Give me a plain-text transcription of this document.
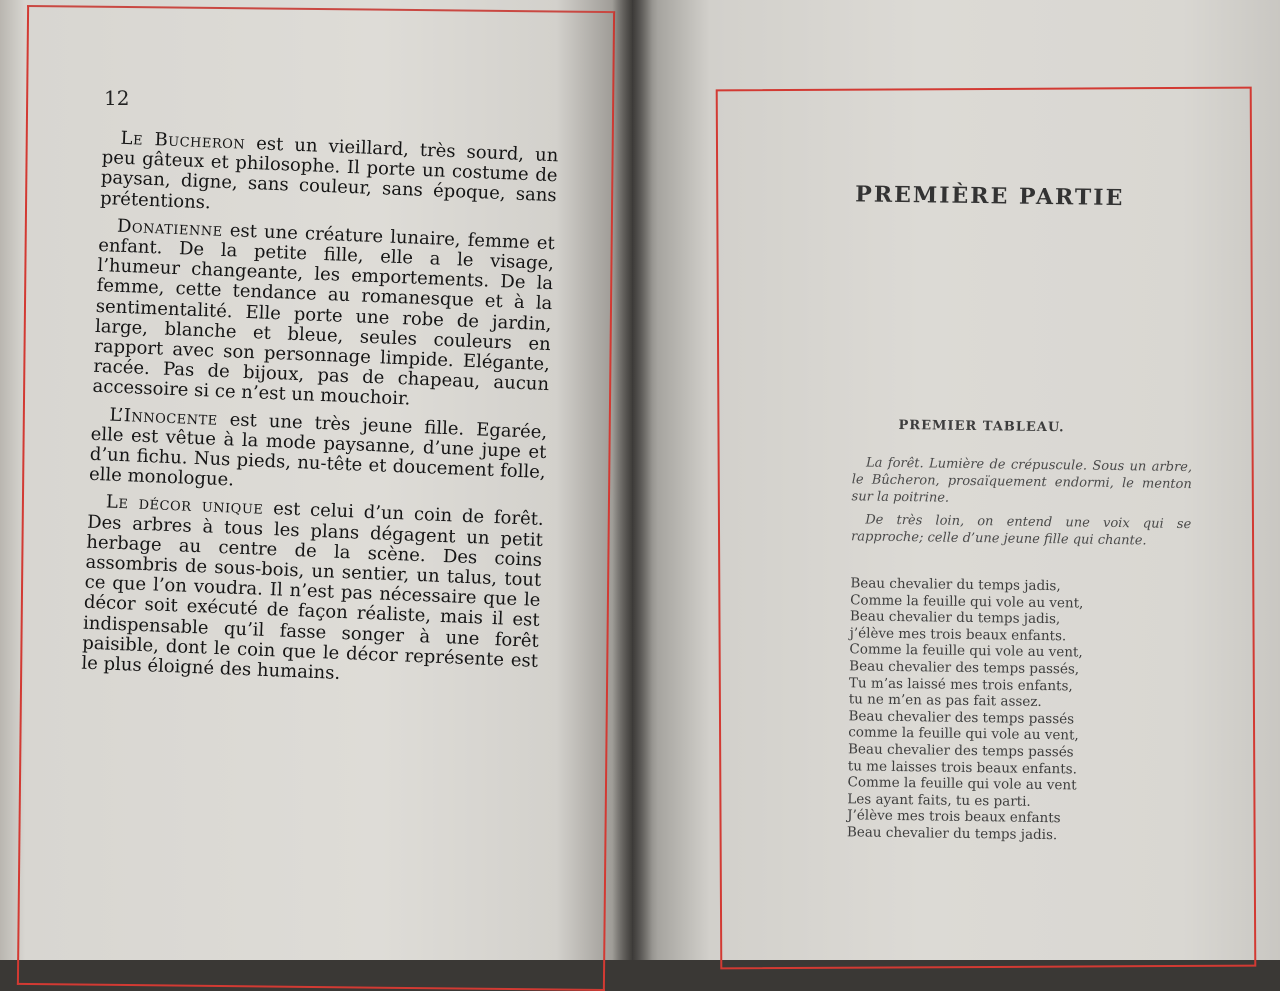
12

Le Bucheron est un vieillard, très sourd, un peu gâteux et philosophe. Il porte un costume de paysan, digne, sans couleur, sans époque, sans prétentions.

Donatienne est une créature lunaire, femme et enfant. De la petite fille, elle a le visage, l’humeur changeante, les emportements. De la femme, cette tendance au romanesque et à la sentimentalité. Elle porte une robe de jardin, large, blanche et bleue, seules couleurs en rapport avec son personnage limpide. Elégante, racée. Pas de bijoux, pas de chapeau, aucun accessoire si ce n’est un mouchoir.

L’Innocente est une très jeune fille. Egarée, elle est vêtue à la mode paysanne, d’une jupe et d’un fichu. Nus pieds, nu-tête et doucement folle, elle monologue.

Le décor unique est celui d’un coin de forêt. Des arbres à tous les plans dégagent un petit herbage au centre de la scène. Des coins assombris de sous-bois, un sentier, un talus, tout ce que l’on voudra. Il n’est pas nécessaire que le décor soit exécuté de façon réaliste, mais il est indispensable qu’il fasse songer à une forêt paisible, dont le coin que le décor représente est le plus éloigné des humains.

PREMIÈRE PARTIE
PREMIER TABLEAU.

La forêt. Lumière de crépuscule. Sous un arbre, le Bûcheron, prosaïquement endormi, le menton sur la poitrine.

De très loin, on entend une voix qui se rapproche; celle d’une jeune fille qui chante.

Beau chevalier du temps jadis,
Comme la feuille qui vole au vent,
Beau chevalier du temps jadis,
j’élève mes trois beaux enfants.
Comme la feuille qui vole au vent,
Beau chevalier des temps passés,
Tu m’as laissé mes trois enfants,
tu ne m’en as pas fait assez.
Beau chevalier des temps passés
comme la feuille qui vole au vent,
Beau chevalier des temps passés
tu me laisses trois beaux enfants.
Comme la feuille qui vole au vent
Les ayant faits, tu es parti.
J’élève mes trois beaux enfants
Beau chevalier du temps jadis.
